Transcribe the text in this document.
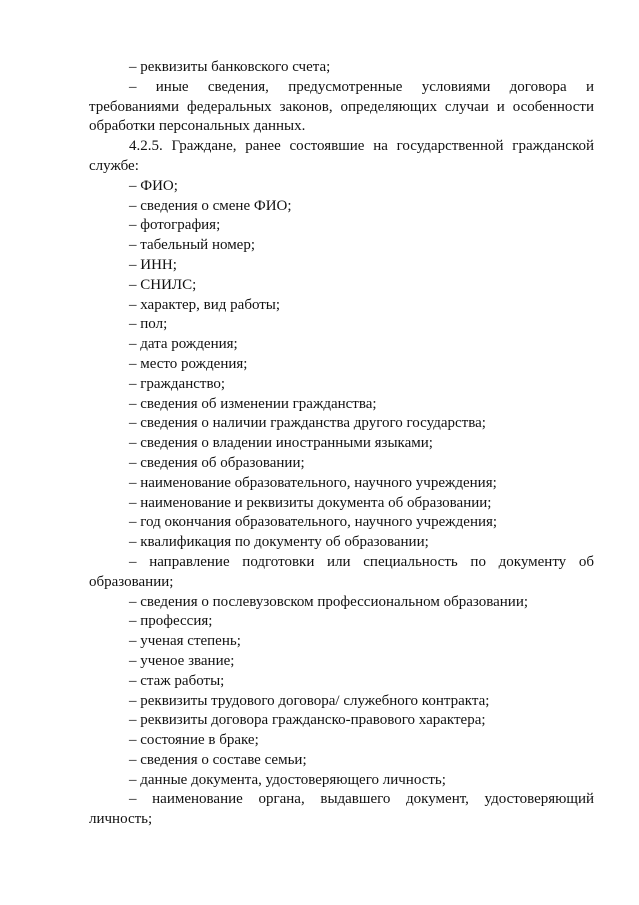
– реквизиты банковского счета;

– иные сведения, предусмотренные условиями договора и требованиями федеральных законов, определяющих случаи и особенности обработки персональных данных.

4.2.5. Граждане, ранее состоявшие на государственной гражданской службе:

– ФИО;

– сведения о смене ФИО;

– фотография;

– табельный номер;

– ИНН;

– СНИЛС;

– характер, вид работы;

– пол;

– дата рождения;

– место рождения;

– гражданство;

– сведения об изменении гражданства;

– сведения о наличии гражданства другого государства;

– сведения о владении иностранными языками;

– сведения об образовании;

– наименование образовательного, научного учреждения;

– наименование и реквизиты документа об образовании;

– год окончания образовательного, научного учреждения;

– квалификация по документу об образовании;

– направление подготовки или специальность по документу об образовании;

– сведения о послевузовском профессиональном образовании;

– профессия;

– ученая степень;

– ученое звание;

– стаж работы;

– реквизиты трудового договора/ служебного контракта;

– реквизиты договора гражданско-правового характера;

– состояние в браке;

– сведения о составе семьи;

– данные документа, удостоверяющего личность;

– наименование органа, выдавшего документ, удостоверяющий личность;
